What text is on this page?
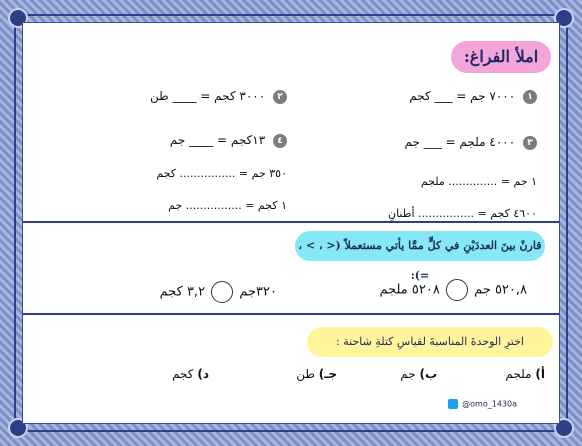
املأ الفراغ:
١ ٧٠٠٠ جم = ___ كجم
٢ ٣٠٠٠ كجم = ____ طن
٣ ٤٠٠٠ ملجم = ___ جم
٤ ١٣كجم = ____ جم
١ جم = .............. ملجم
٣٥٠ جم = ................ كجم
٤٦٠٠ كجم = ................ أطنانٍ
١ كجم = ................ جم
قارنْ بينَ العددَيْنِ في كلٍّ ممَّا يأتي مستعملاً (< ، > ، =):
٥٢٠,٨ جم  ٥٢٠٨ ملجم
٣٢٠جم  ٣,٢ كجم
اخترِ الوحدةَ المناسبةَ لقياسِ كتلةِ شاحنة :
أ) ملجم
ب) جم
جـ) طن
د) كجم
@omo_1430a
